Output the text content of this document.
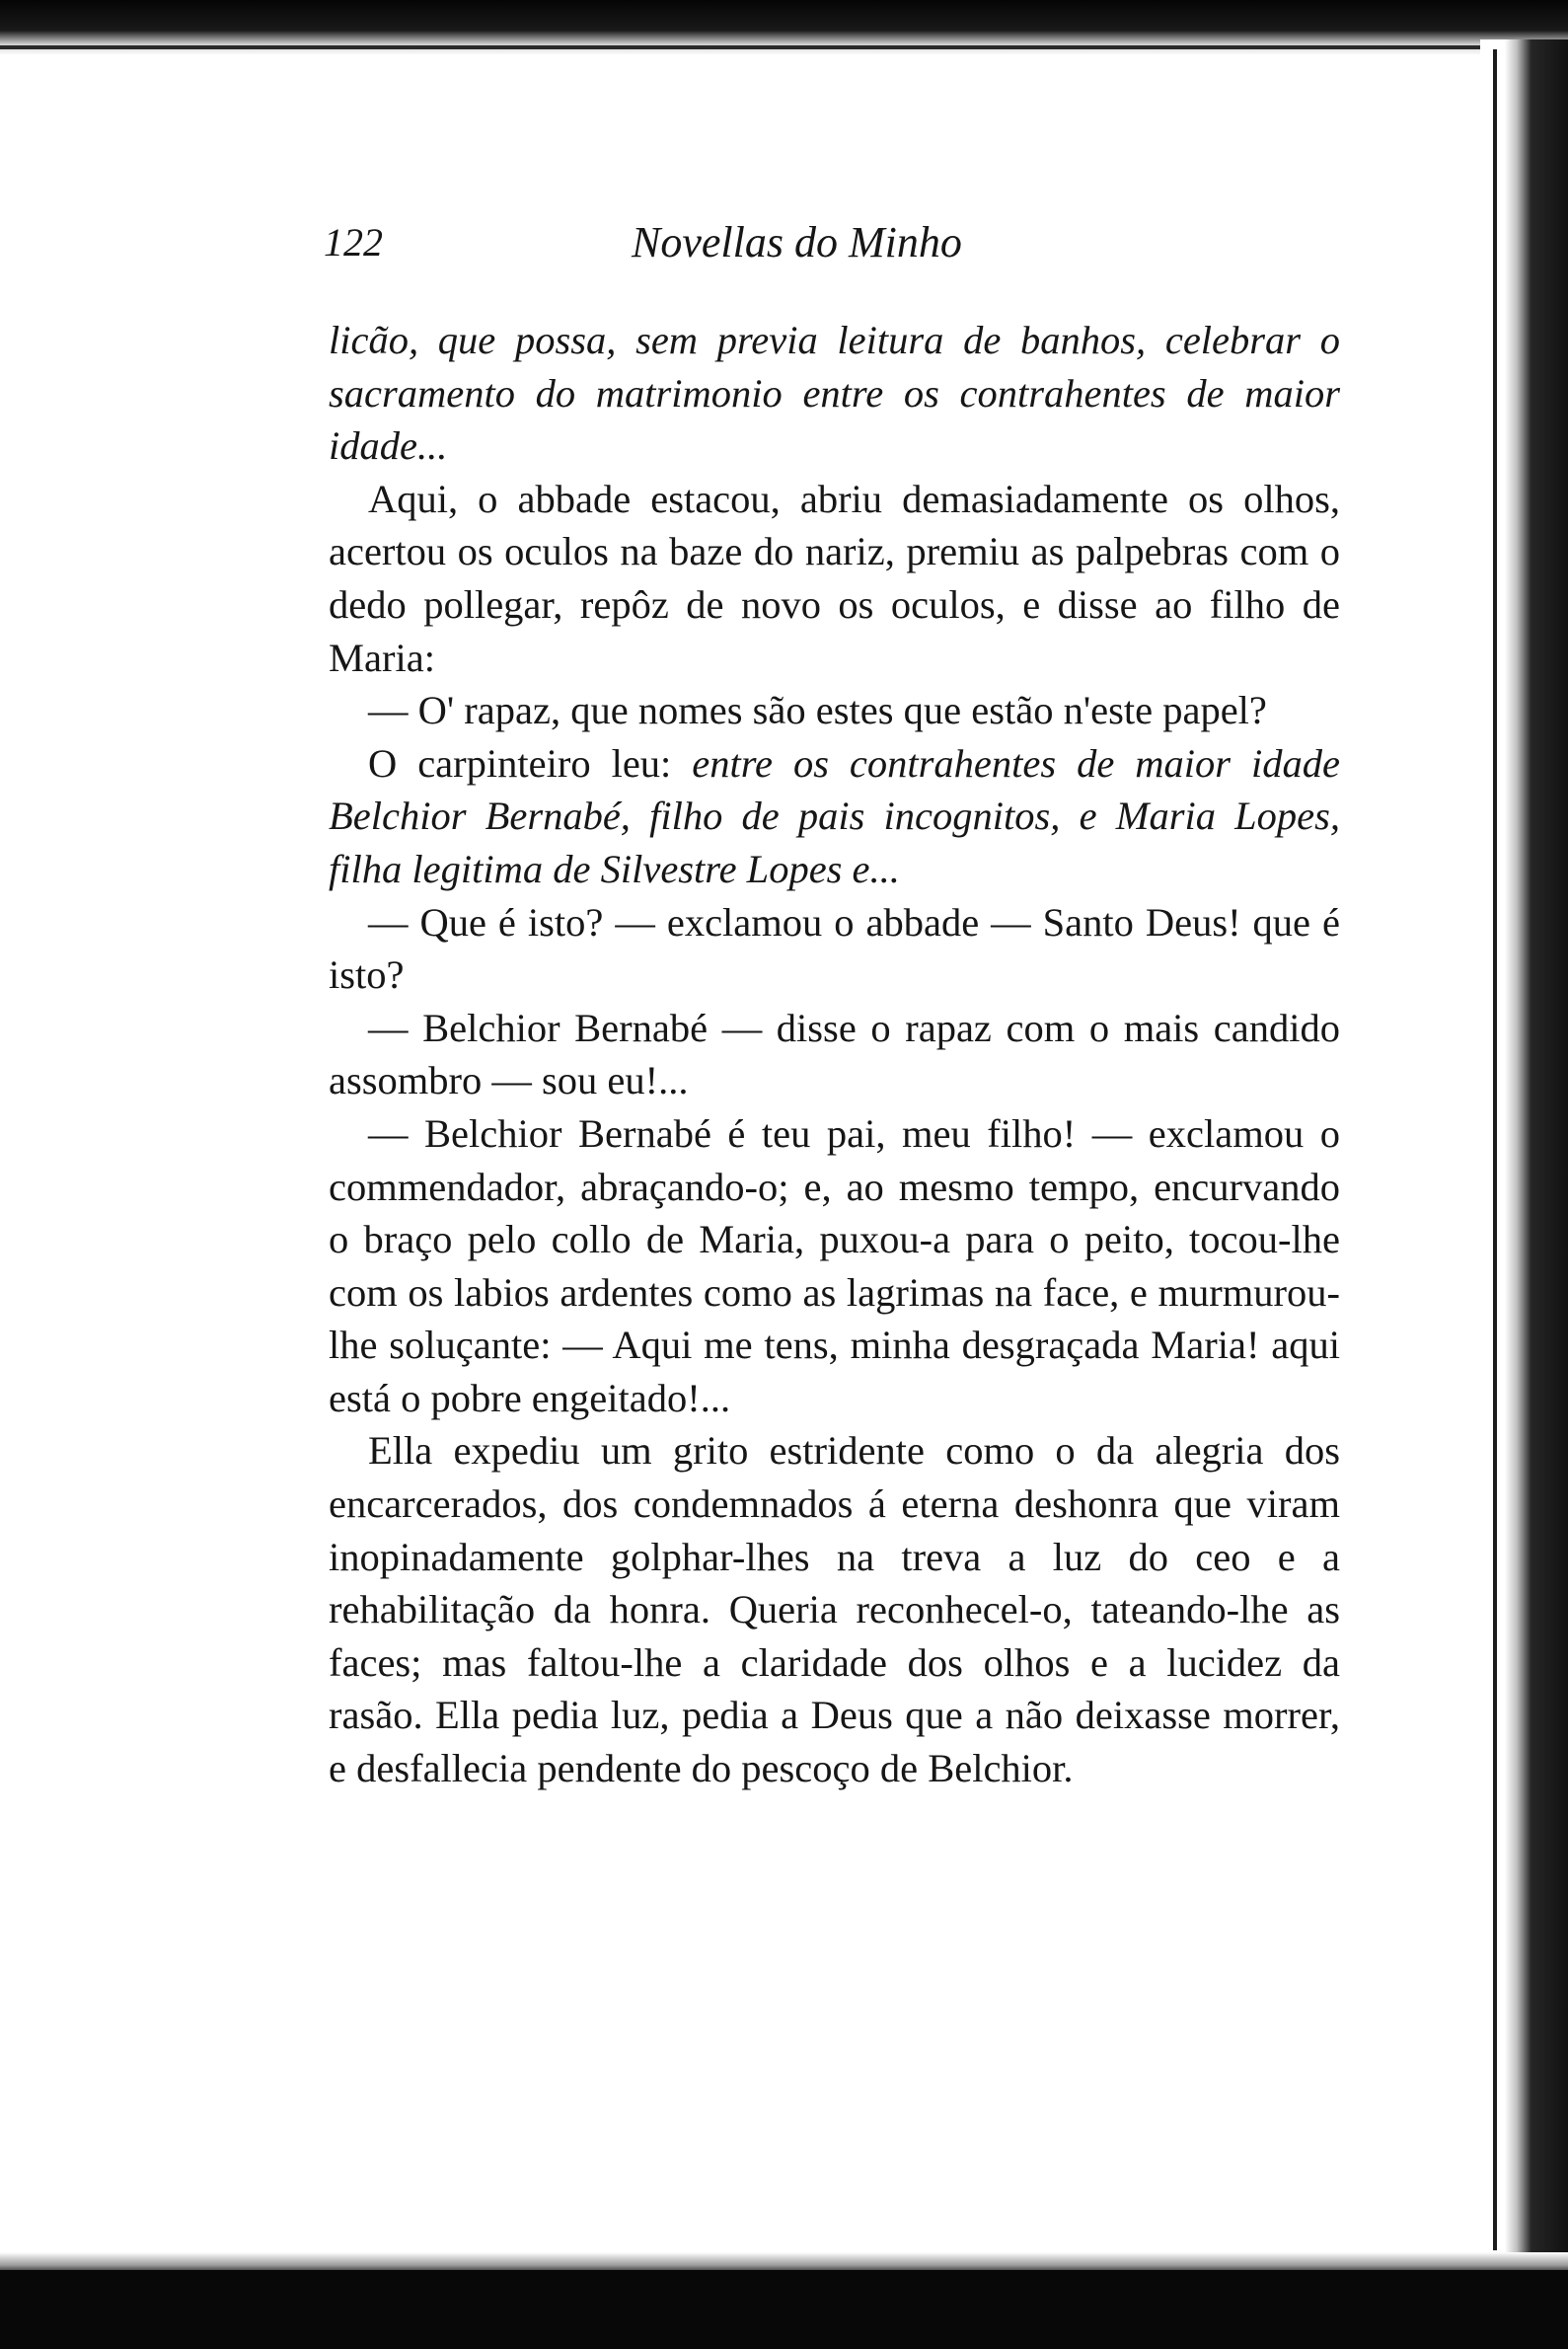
122	Novellas do Minho

licão, que possa, sem previa leitura de banhos, celebrar o sacramento do matrimonio entre os contrahentes de maior idade...

Aqui, o abbade estacou, abriu demasiadamente os olhos, acertou os oculos na baze do nariz, premiu as palpebras com o dedo pollegar, repôz de novo os oculos, e disse ao filho de Maria:

— O' rapaz, que nomes são estes que estão n'este papel?

O carpinteiro leu: entre os contrahentes de maior idade Belchior Bernabé, filho de pais incognitos, e Maria Lopes, filha legitima de Silvestre Lopes e...

— Que é isto? — exclamou o abbade — Santo Deus! que é isto?

— Belchior Bernabé — disse o rapaz com o mais candido assombro — sou eu!...

— Belchior Bernabé é teu pai, meu filho! — exclamou o commendador, abraçando-o; e, ao mesmo tempo, encurvando o braço pelo collo de Maria, puxou-a para o peito, tocou-lhe com os labios ardentes como as lagrimas na face, e murmurou-lhe soluçante: — Aqui me tens, minha desgraçada Maria! aqui está o pobre engeitado!...

Ella expediu um grito estridente como o da alegria dos encarcerados, dos condemnados á eterna deshonra que viram inopinadamente golphar-lhes na treva a luz do ceo e a rehabilitação da honra. Queria reconhecel-o, tateando-lhe as faces; mas faltou-lhe a claridade dos olhos e a lucidez da rasão. Ella pedia luz, pedia a Deus que a não deixasse morrer, e desfallecia pendente do pescoço de Belchior.
